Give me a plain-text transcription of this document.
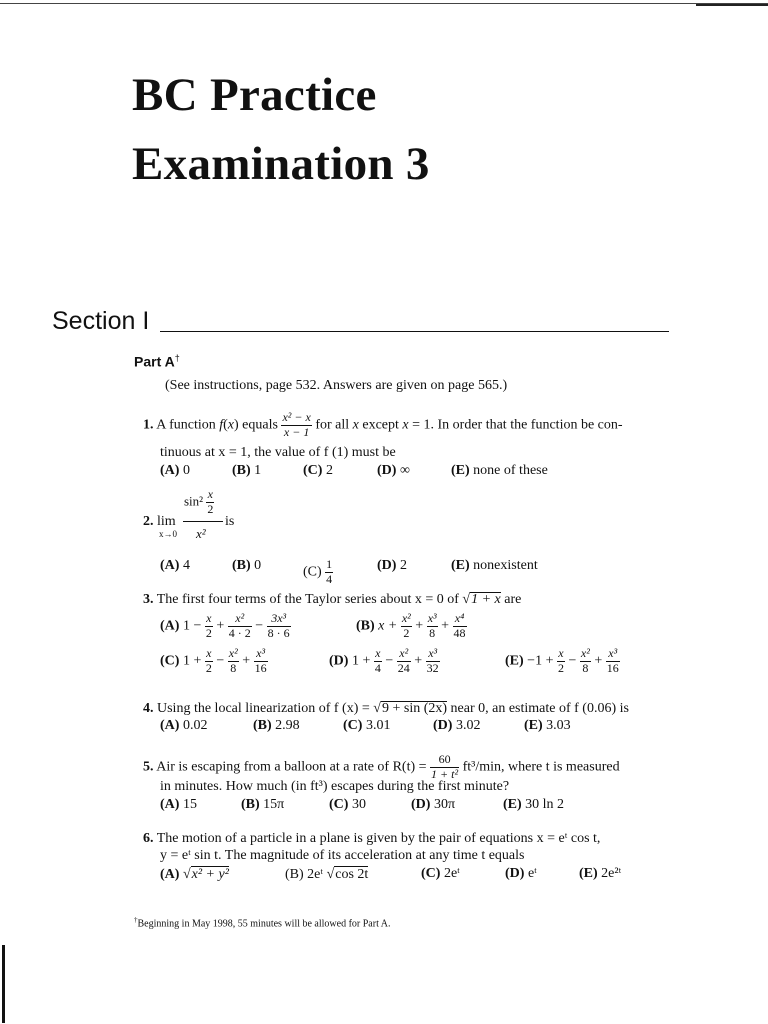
BC Practice
Examination 3
Section I
Part A†
(See instructions, page 532. Answers are given on page 565.)
1. A function f(x) equals $\frac{\text{x² − x}}{x - 1}$ for all x except x = 1. In order that the function be con-
tinuous at x = 1, the value of f (1) must be
(A) 0	(B) 1	(C) 2	(D) ∞	(E) none of these
$\sin^2 \frac{x}{2}$
2. lim	is
x→0 x²
(A) 4	(B) 0	$(C) \frac{1}{4}$	(D) 2	(E) nonexistent
3. The first four terms of the Taylor series about x = 0 of √1 + x are
(A) $1 - \frac{x}{2} + \frac{\text{x²}}{4 \cdot 2} - \frac{\text{3x³}}{8 \cdot 6}$	(B) $x + \frac{\text{x²}}{2} + \frac{\text{x³}}{8} + \frac{\text{x⁴}}{48}$
(C) $1 + \frac{x}{2} - \frac{\text{x²}}{8} + \frac{\text{x³}}{16}$	(D) $1 + \frac{x}{4} - \frac{\text{x²}}{24} + \frac{\text{x³}}{32}$	$(E) -1 + \frac{x}{2} - \frac{\text{x²}}{8} + \frac{\text{x³}}{16}$
4. Using the local linearization of f (x) = √9 + sin (2x) near 0, an estimate of f (0.06) is
(A) 0.02	(B) 2.98	(C) 3.01	(D) 3.02	(E) 3.03
5. Air is escaping from a balloon at a rate of $R(t) = \frac{60}{\text{1 + t²}} ft^3/\min$, where t is measured
in minutes. How much (in ft³) escapes during the first minute?
(A) 15	(B) 15π	(C) 30	(D) 30π	(E) 30 ln 2
6. The motion of a particle in a plane is given by the pair of equations x = eᵗ cos t,
y = eᵗ sin t. The magnitude of its acceleration at any time t equals
(A) √x² + y²	(B) 2eᵗ √cos 2t	(C) 2eᵗ	(D) eᵗ	(E) 2e²ᵗ
†Beginning in May 1998, 55 minutes will be allowed for Part A.
